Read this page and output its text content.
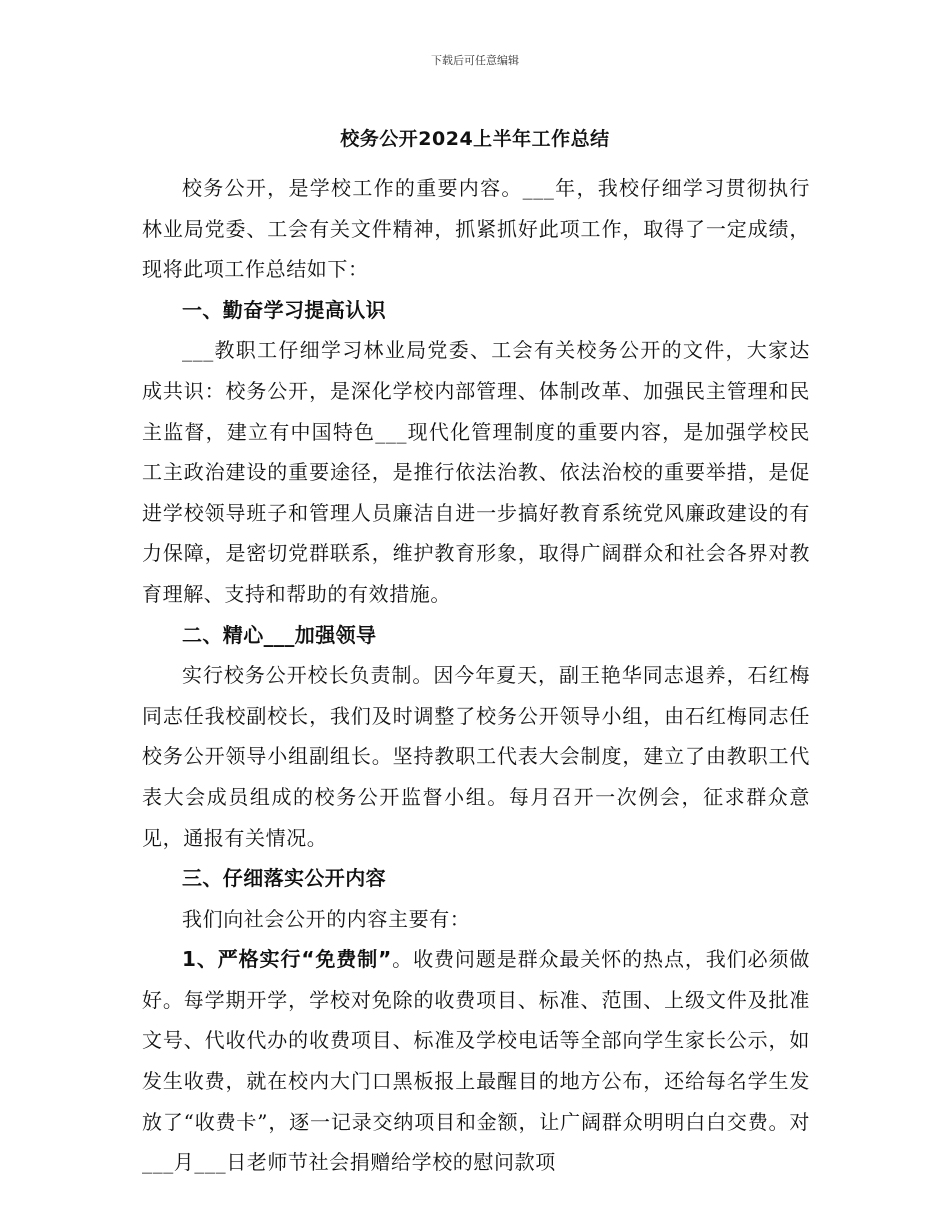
下载后可任意编辑
校务公开2024上半年工作总结

校务公开，是学校工作的重要内容。___年，我校仔细学习贯彻执行林业局党委、工会有关文件精神，抓紧抓好此项工作，取得了一定成绩，现将此项工作总结如下：

一、勤奋学习提高认识

___教职工仔细学习林业局党委、工会有关校务公开的文件，大家达成共识：校务公开，是深化学校内部管理、体制改革、加强民主管理和民主监督，建立有中国特色___现代化管理制度的重要内容，是加强学校民工主政治建设的重要途径，是推行依法治教、依法治校的重要举措，是促进学校领导班子和管理人员廉洁自进一步搞好教育系统党风廉政建设的有力保障，是密切党群联系，维护教育形象，取得广阔群众和社会各界对教育理解、支持和帮助的有效措施。

二、精心___加强领导

实行校务公开校长负责制。因今年夏天，副王艳华同志退养，石红梅同志任我校副校长，我们及时调整了校务公开领导小组，由石红梅同志任校务公开领导小组副组长。坚持教职工代表大会制度，建立了由教职工代表大会成员组成的校务公开监督小组。每月召开一次例会，征求群众意见，通报有关情况。

三、仔细落实公开内容

我们向社会公开的内容主要有：

1、严格实行“免费制”。收费问题是群众最关怀的热点，我们必须做好。每学期开学，学校对免除的收费项目、标准、范围、上级文件及批准文号、代收代办的收费项目、标准及学校电话等全部向学生家长公示，如发生收费，就在校内大门口黑板报上最醒目的地方公布，还给每名学生发放了“收费卡”，逐一记录交纳项目和金额，让广阔群众明明白白交费。对___月___日老师节社会捐赠给学校的慰问款项
